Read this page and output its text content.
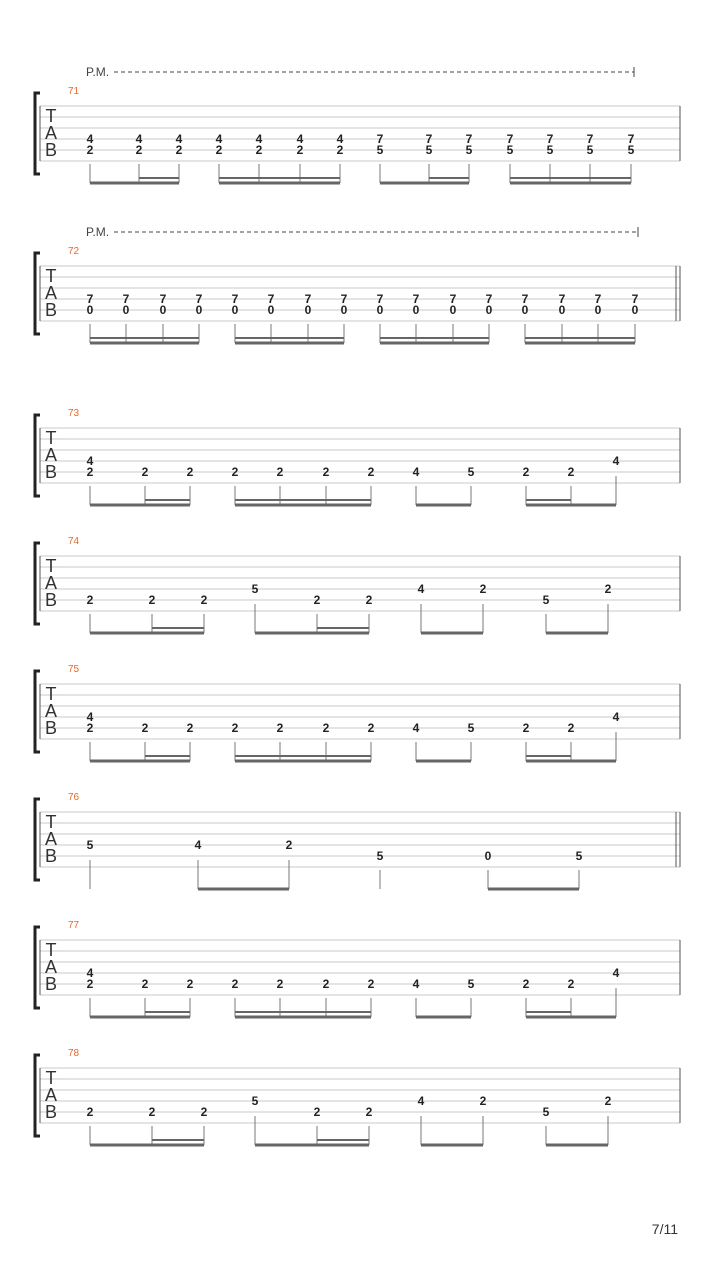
71
P.M.
T
A
B
4
2
4
2
4
2
4
2
4
2
4
2
4
2
7
5
7
5
7
5
7
5
7
5
7
5
7
5
72
P.M.
T
A
B
7
0
7
0
7
0
7
0
7
0
7
0
7
0
7
0
7
0
7
0
7
0
7
0
7
0
7
0
7
0
7
0
73
T
A
B
4
2	2	2	2	2	2	2	4	5	2	2
4
74
T
A
B 2	2	2
5
2	2
4	2
5
2
75
T
A
B
4
2	2	2	2	2	2	2	4	5	2	2
4
76
T
A
B
5	4	2
5	0	5
77
T
A
B
4
2	2	2	2	2	2	2	4	5	2	2
4
78
T
A
B 2	2	2
5
2	2
4	2
5
2
7/11
